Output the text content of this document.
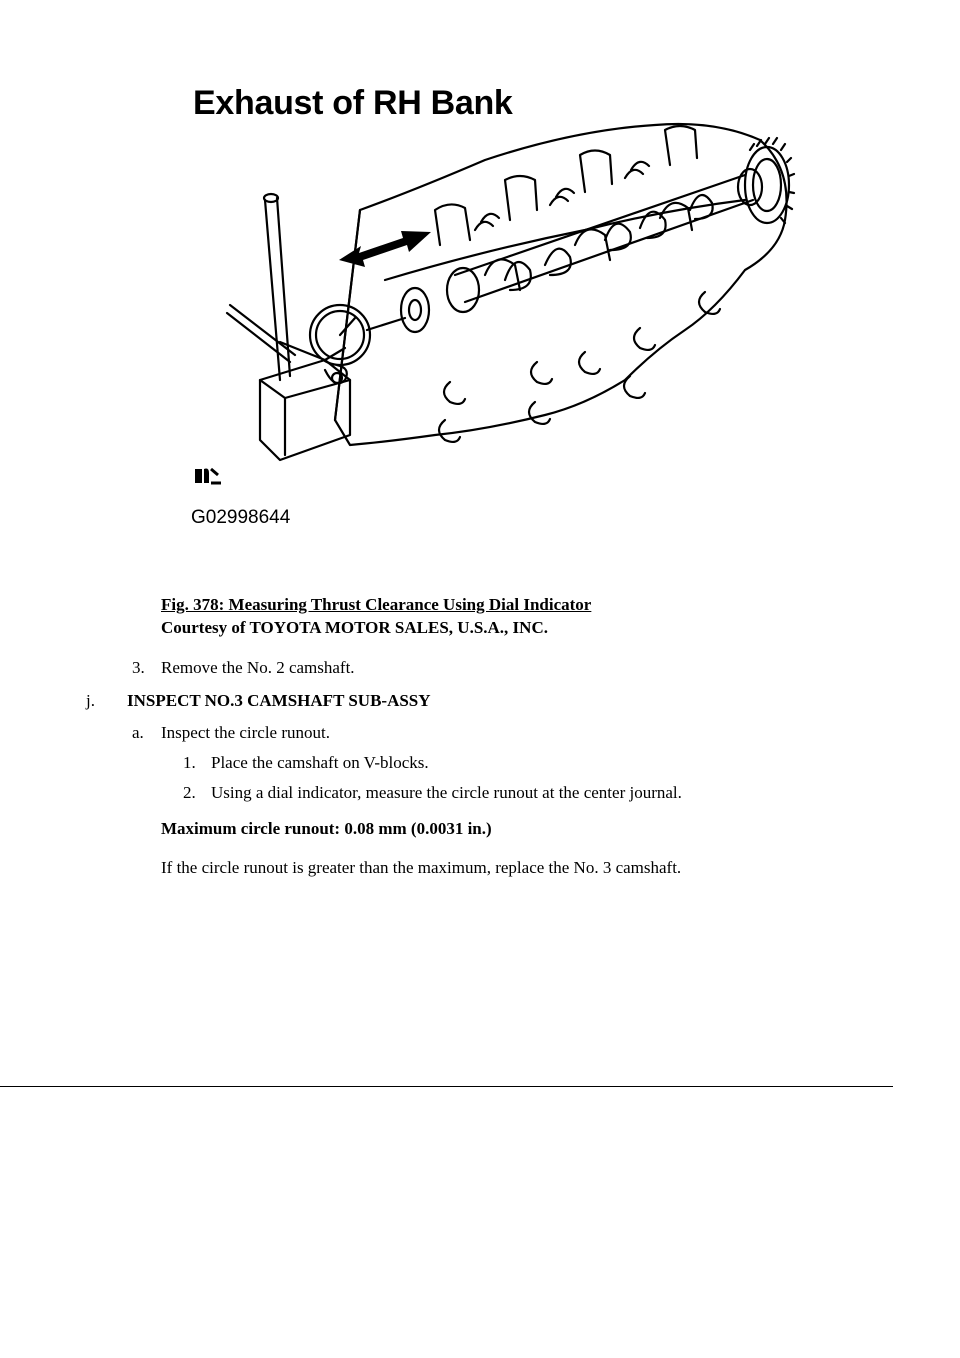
Exhaust of RH Bank
G02998644
Fig. 378: Measuring Thrust Clearance Using Dial Indicator
Courtesy of TOYOTA MOTOR SALES, U.S.A., INC.
3. Remove the No. 2 camshaft.
j. INSPECT NO.3 CAMSHAFT SUB-ASSY
a. Inspect the circle runout.
1. Place the camshaft on V-blocks.
2. Using a dial indicator, measure the circle runout at the center journal.
Maximum circle runout: 0.08 mm (0.0031 in.)
If the circle runout is greater than the maximum, replace the No. 3 camshaft.
